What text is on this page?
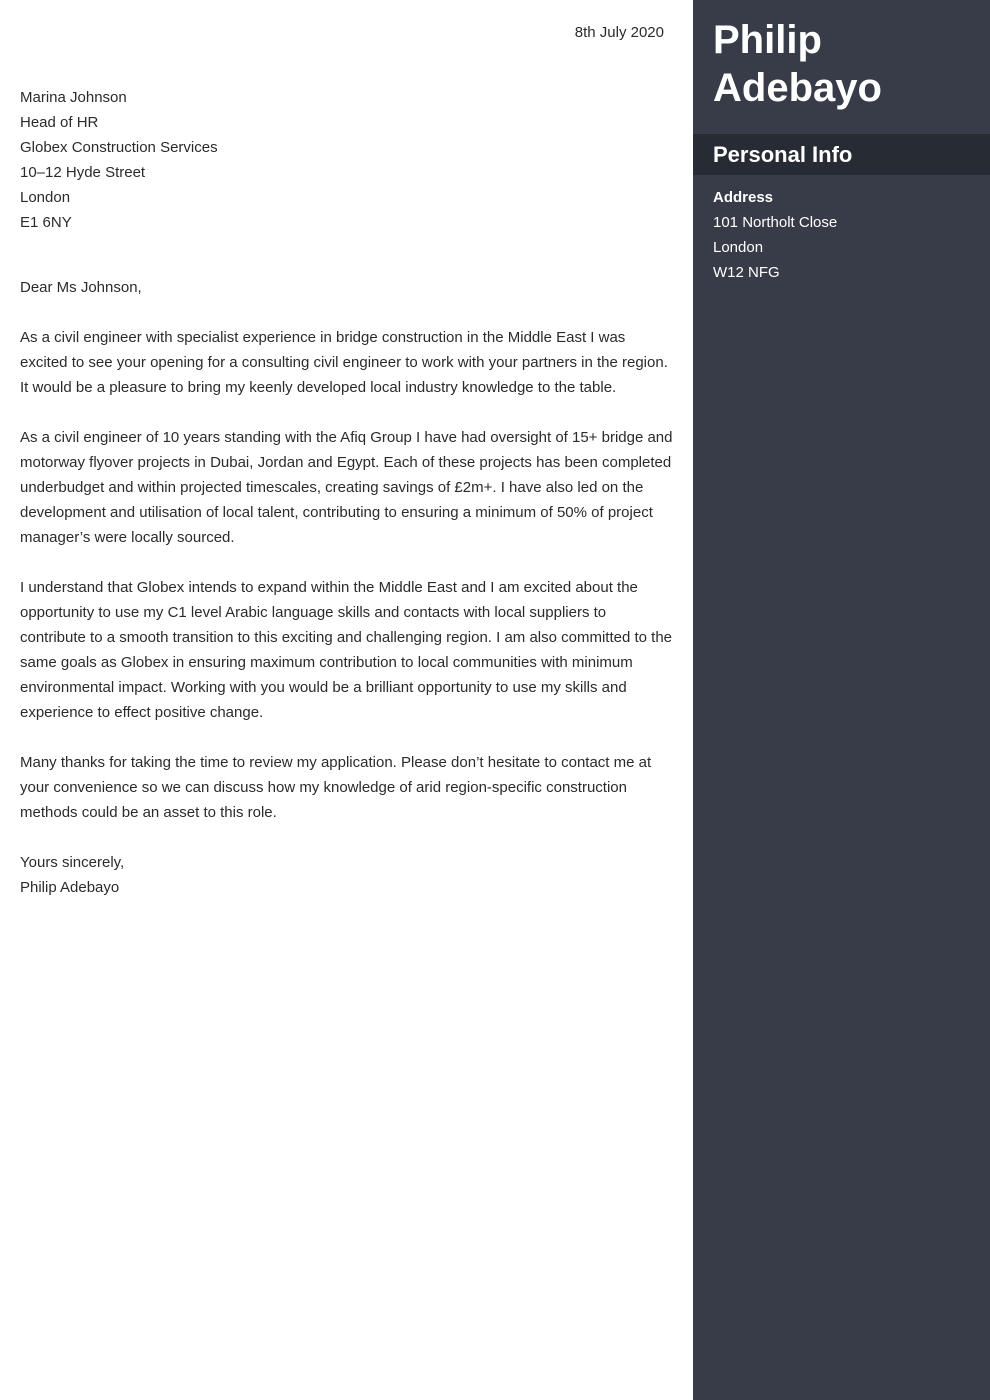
8th July 2020

Marina Johnson
Head of HR
Globex Construction Services
10–12 Hyde Street
London
E1 6NY

Dear Ms Johnson,

As a civil engineer with specialist experience in bridge construction in the Middle East I was excited to see your opening for a consulting civil engineer to work with your partners in the region. It would be a pleasure to bring my keenly developed local industry knowledge to the table.

As a civil engineer of 10 years standing with the Afiq Group I have had oversight of 15+ bridge and motorway flyover projects in Dubai, Jordan and Egypt. Each of these projects has been completed underbudget and within projected timescales, creating savings of £2m+. I have also led on the development and utilisation of local talent, contributing to ensuring a minimum of 50% of project manager’s were locally sourced.

I understand that Globex intends to expand within the Middle East and I am excited about the opportunity to use my C1 level Arabic language skills and contacts with local suppliers to contribute to a smooth transition to this exciting and challenging region. I am also committed to the same goals as Globex in ensuring maximum contribution to local communities with minimum environmental impact. Working with you would be a brilliant opportunity to use my skills and experience to effect positive change.

Many thanks for taking the time to review my application. Please don’t hesitate to contact me at your convenience so we can discuss how my knowledge of arid region-specific construction methods could be an asset to this role.

Yours sincerely,
Philip Adebayo
Philip
Adebayo
Personal Info
Address
101 Northolt Close
London
W12 NFG
